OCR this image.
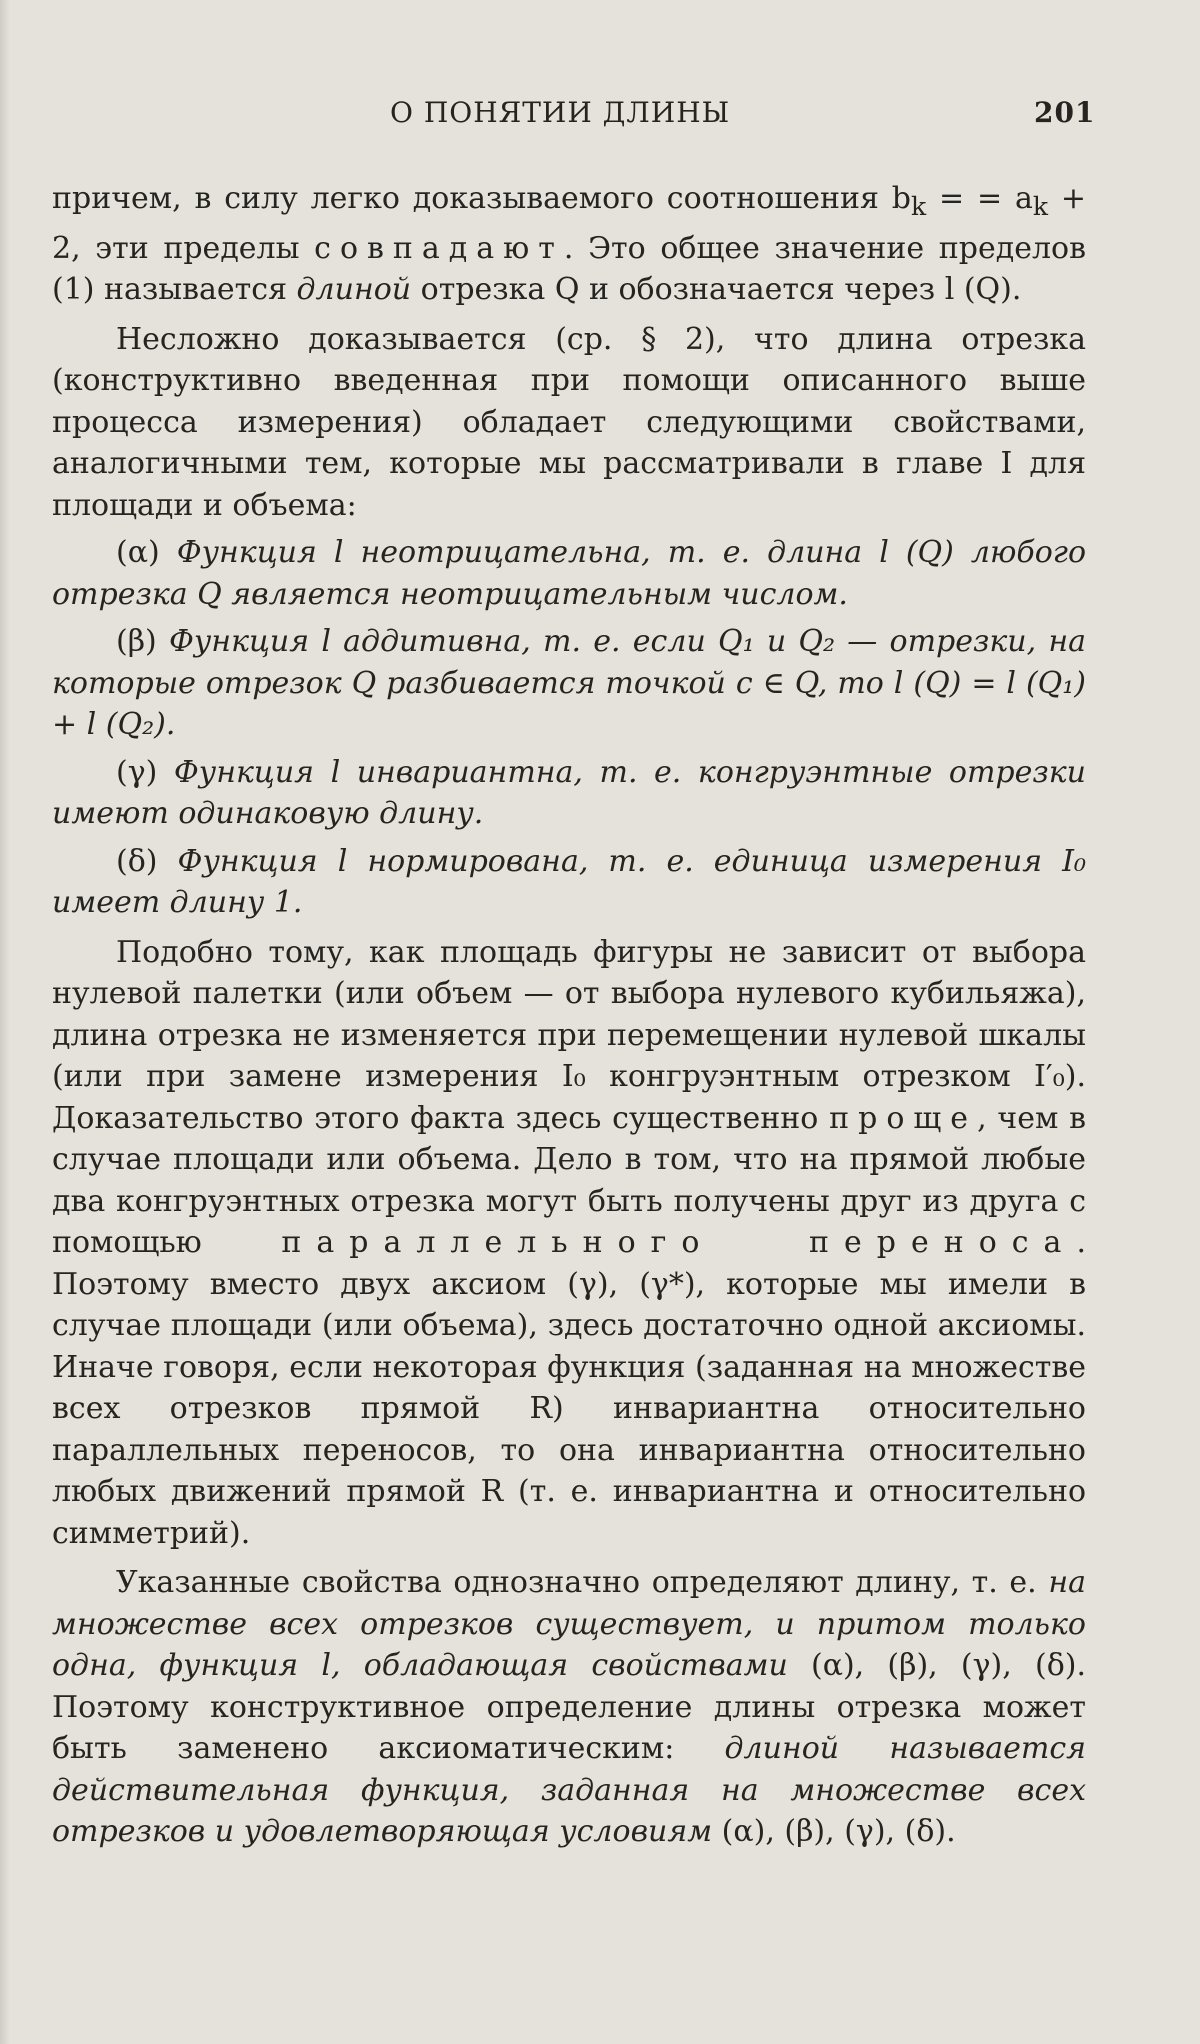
О ПОНЯТИИ ДЛИНЫ	201

причем, в силу легко доказываемого соотношения $b_k$ = = $a_k + 2$, эти пределы совпадают. Это общее значение пределов (1) называется длиной отрезка Q и обозначается через l (Q).

Несложно доказывается (ср. § 2), что длина отрезка (конструктивно введенная при помощи описанного выше процесса измерения) обладает следующими свойствами, аналогичными тем, которые мы рассматривали в главе I для площади и объема:

(α) Функция l неотрицательна, т. е. длина l (Q) любого отрезка Q является неотрицательным числом.

(β) Функция l аддитивна, т. е. если Q₁ и Q₂ — отрезки, на которые отрезок Q разбивается точкой c ∈ Q, то l (Q) = l (Q₁) + l (Q₂).

(γ) Функция l инвариантна, т. е. конгруэнтные отрезки имеют одинаковую длину.

(δ) Функция l нормирована, т. е. единица измерения I₀ имеет длину 1.

Подобно тому, как площадь фигуры не зависит от выбора нулевой палетки (или объем — от выбора нулевого кубильяжа), длина отрезка не изменяется при перемещении нулевой шкалы (или при замене измерения I₀ конгруэнтным отрезком I′₀). Доказательство этого факта здесь существенно проще, чем в случае площади или объема. Дело в том, что на прямой любые два конгруэнтных отрезка могут быть получены друг из друга с помощью параллельного переноса. Поэтому вместо двух аксиом (γ), (γ*), которые мы имели в случае площади (или объема), здесь достаточно одной аксиомы. Иначе говоря, если некоторая функция (заданная на множестве всех отрезков прямой R) инвариантна относительно параллельных переносов, то она инвариантна относительно любых движений прямой R (т. е. инвариантна и относительно симметрий).

Указанные свойства однозначно определяют длину, т. е. на множестве всех отрезков существует, и притом только одна, функция l, обладающая свойствами (α), (β), (γ), (δ). Поэтому конструктивное определение длины отрезка может быть заменено аксиоматическим: длиной называется действительная функция, заданная на множестве всех отрезков и удовлетворяющая условиям (α), (β), (γ), (δ).
